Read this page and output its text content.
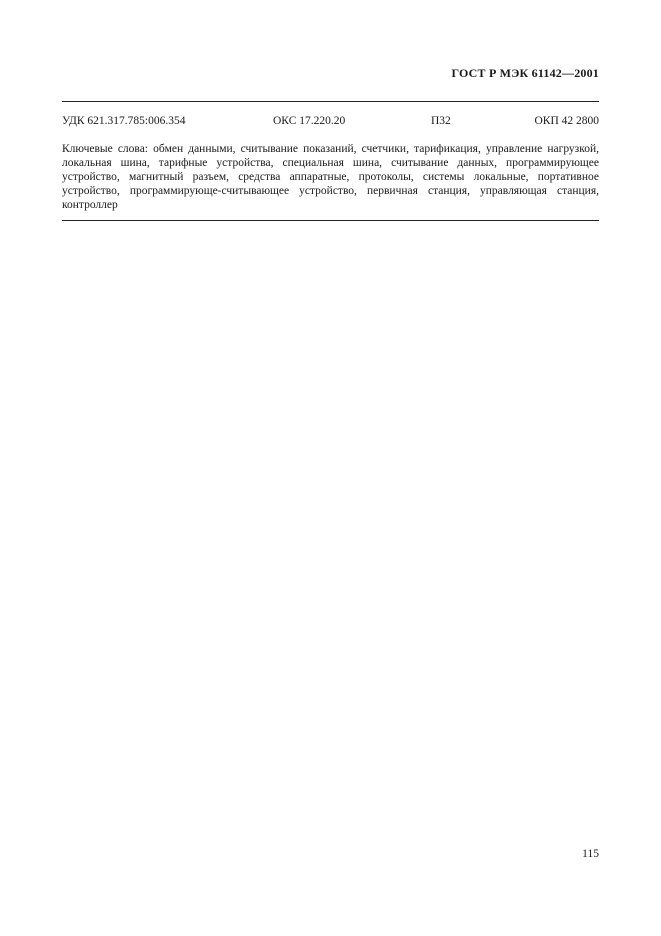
ГОСТ Р МЭК 61142—2001
УДК 621.317.785:006.354	ОКС 17.220.20	П32	ОКП 42 2800
Ключевые слова: обмен данными, считывание показаний, счетчики, тарификация, управление нагрузкой, локальная шина, тарифные устройства, специальная шина, считывание данных, программирующее устройство, магнитный разъем, средства аппаратные, протоколы, системы локальные, портативное устройство, программирующе-считывающее устройство, первичная станция, управляющая станция, контроллер
115
